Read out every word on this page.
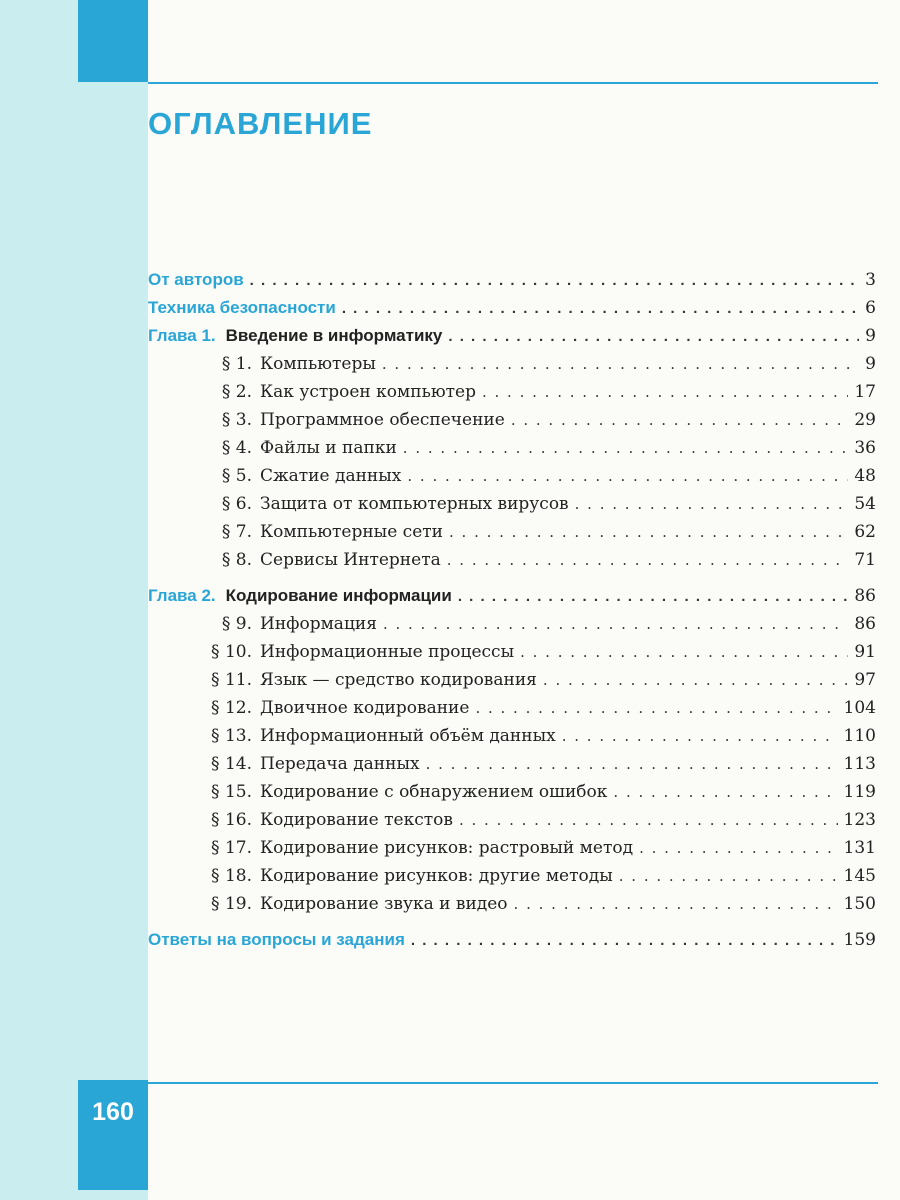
160
ОГЛАВЛЕНИЕ
От авторов . . .	3
Техника безопасности . . .	6
Глава 1. Введение в информатику . . .	9
§ 1. Компьютеры . . .	9
§ 2. Как устроен компьютер . . .	17
§ 3. Программное обеспечение . . .	29
§ 4. Файлы и папки . . .	36
§ 5. Сжатие данных . . .	48
§ 6. Защита от компьютерных вирусов . . .	54
§ 7. Компьютерные сети . . .	62
§ 8. Сервисы Интернета . . .	71
Глава 2. Кодирование информации . . .	86
§ 9. Информация . . .	86
§ 10. Информационные процессы . . .	91
§ 11. Язык — средство кодирования . . .	97
§ 12. Двоичное кодирование . . .	104
§ 13. Информационный объём данных . . .	110
§ 14. Передача данных . . .	113
§ 15. Кодирование с обнаружением ошибок . . .	119
§ 16. Кодирование текстов . . .	123
§ 17. Кодирование рисунков: растровый метод . . .	131
§ 18. Кодирование рисунков: другие методы . . .	145
§ 19. Кодирование звука и видео . . .	150
Ответы на вопросы и задания . . .	159
